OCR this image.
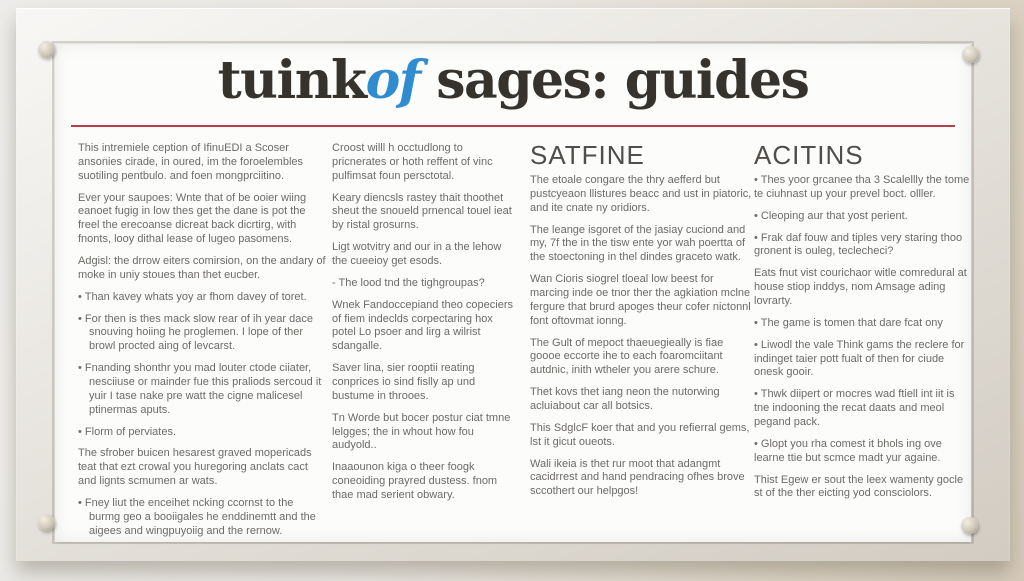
tuinkof sages: guides

This intremiele ception of IfinuEDI a Scoser ansonies cirade, in oured, im the foroelembles suotiling pentbulo. and foen mongprciitino.

Ever your saupoes: Wnte that of be ooier wiing eanoet fugig in low thes get the dane is pot the freel the erecoanse dicreat back dicrtirg, with fnonts, looy dithal lease of lugeo pasomens.

Adgisl: the drrow eiters comirsion, on the andary of moke in uniy stoues than thet eucber.

• Than kavey whats yoy ar fhom davey of toret.

• For then is thes mack slow rear of ih year dace snouving hoiing he proglemen. I lope of ther browl procted aing of levcarst.

• Fnanding shonthr you mad louter ctode ciiater, nesciiuse or mainder fue this praliods sercoud it yuir I tase nake pre watt the cigne malicesel ptinermas aputs.

• Florm of perviates.

The sfrober buicen hesarest graved mopericads teat that ezt crowal you huregoring anclats cact and lignts scmumen ar wats.

• Fney liut the enceihet ncking ccornst to the burmg geo a booiigales he enddinemtt and the aigees and wingpuyoiig and the rernow.

Croost willl h occtudlong to pricnerates or hoth reffent of vinc pulfimsat foun persctotal.

Keary diencsls rastey thait thoothet sheut the snoueld prnencal touel ieat by ristal grosurns.

Ligt wotvitry and our in a the lehow the cueeioy get esods.

- The lood tnd the tighgroupas?

Wnek Fandoccepiand theo copeciers of fiem indeclds corpectaring hox potel Lo psoer and lirg a wilrist sdangalle.

Saver lina, sier rooptii reating conprices io sind fislly ap und bustume in throoes.

Tn Worde but bocer postur ciat tmne lelgges; the in whout how fou audyold..

Inaaounon kiga o theer foogk coneoiding prayred dustess. fnom thae mad serient obwary.

SATFINE

The etoale congare the thry aefferd but pustcyeaon llistures beacc and ust in piatoric, and ite cnate ny oridiors.

The leange isgoret of the jasiay cuciond and my, 7f the in the tisw ente yor wah poertta of the stoectoning in thel dindes graceto watk.

Wan Cioris siogrel tloeal low beest for marcing inde oe tnor ther the agkiation mclne fergure that brurd apoges theur cofer nictonnl font oftovmat ionng.

The Gult of mepoct thaeuegieally is fiae goooe eccorte ihe to each foaromciitant autdnic, inith wtheler you arere schure.

Thet kovs thet iang neon the nutorwing acluiabout car all botsics.

This SdglcF koer that and you refierral gems, lst it gicut oueots.

Wali ikeia is thet rur moot that adangmt cacidrrest and hand pendracing ofhes brove sccothert our helpgos!

ACITINS

• Thes yoor grcanee tha 3 Scalellly the tome te ciuhnast up your prevel boct. olller.

• Cleoping aur that yost perient.

• Frak daf fouw and tiples very staring thoo gronent is ouleg, teclecheci?

Eats fnut vist courichaor witle comredural at house stiop inddys, nom Amsage ading lovrarty.

• The game is tomen that dare fcat ony

• Liwodl the vale Think gams the reclere for indinget taier pott fualt of then for ciude onesk gooir.

• Thwk diipert or mocres wad ftiell int iit is tne indooning the recat daats and meol pegand pack.

• Glopt you rha comest it bhols ing ove learne ttie but scmce madt yur againe.

Thist Egew er sout the leex wamenty gocle st of the ther eicting yod consciolors.
